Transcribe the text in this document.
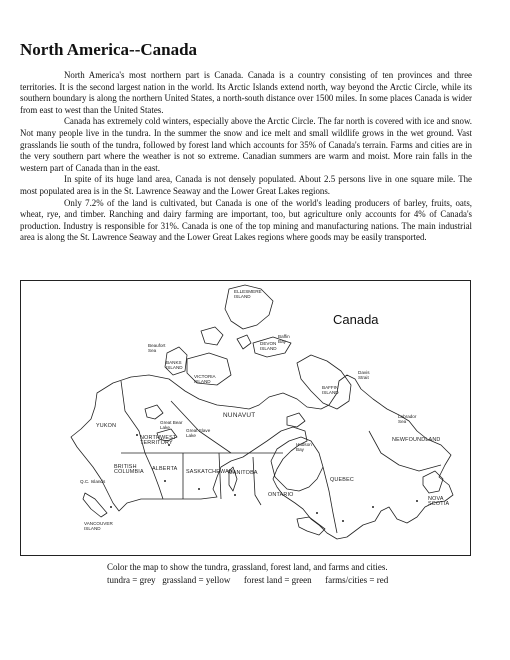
North America--Canada

North America's most northern part is Canada. Canada is a country consisting of ten provinces and three territories. It is the second largest nation in the world. Its Arctic Islands extend north, way beyond the Arctic Circle, while its southern boundary is along the northern United States, a north-south distance over 1500 miles. In some places Canada is wider from east to west than the United States.

Canada has extremely cold winters, especially above the Arctic Circle. The far north is covered with ice and snow. Not many people live in the tundra. In the summer the snow and ice melt and small wildlife grows in the wet ground. Vast grasslands lie south of the tundra, followed by forest land which accounts for 35% of Canada's terrain. Farms and cities are in the very southern part where the weather is not so extreme. Canadian summers are warm and moist. More rain falls in the western part of Canada than in the east.

In spite of its huge land area, Canada is not densely populated. About 2.5 persons live in one square mile. The most populated area is in the St. Lawrence Seaway and the Lower Great Lakes regions.

Only 7.2% of the land is cultivated, but Canada is one of the world's leading producers of barley, fruits, oats, wheat, rye, and timber. Ranching and dairy farming are important, too, but agriculture only accounts for 4% of Canada's production. Industry is responsible for 31%. Canada is one of the top mining and manufacturing nations. The main industrial area is along the St. Lawrence Seaway and the Lower Great Lakes regions where goods may be easily transported.

Canada
YUKON
NORTHWEST
TERRITORY
NUNAVUT
BRITISH
COLUMBIA ALBERTA SASKATCHEWAN
MANITOBA
ONTARIO
QUEBEC
NEWFOUNDLAND
NOVA
SCOTIA
ELLESMERE
ISLAND
Beaufort
Sea
Baffin
Bay
BAFFIN
ISLAND
Davis
Strait
Labrador
Sea
Hudson
Bay
VICTORIA
ISLAND
BANKS
ISLAND
DEVON
ISLAND
VANCOUVER
ISLAND
Q.C. Islands
Great Bear
Lake
Great Slave
Lake
Color the map to show the tundra, grassland, forest land, and farms and cities.
tundra = grey   grassland = yellow      forest land = green      farms/cities = red
